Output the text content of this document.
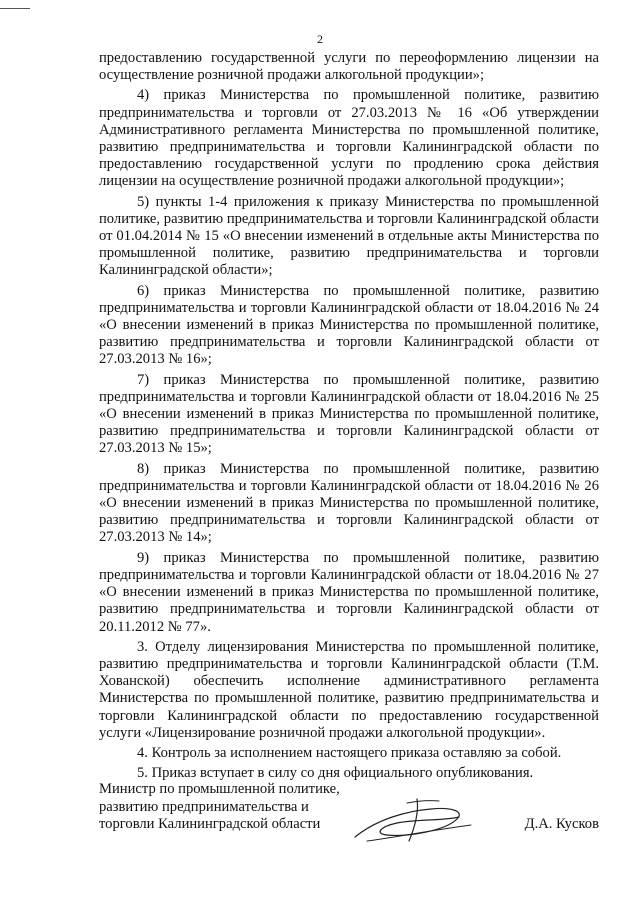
2

предоставлению государственной услуги по переоформлению лицензии на осуществление розничной продажи алкогольной продукции»;

4) приказ Министерства по промышленной политике, развитию предпринимательства и торговли от 27.03.2013 № 16 «Об утверждении Административного регламента Министерства по промышленной политике, развитию предпринимательства и торговли Калининградской области по предоставлению государственной услуги по продлению срока действия лицензии на осуществление розничной продажи алкогольной продукции»;

5) пункты 1-4 приложения к приказу Министерства по промышленной политике, развитию предпринимательства и торговли Калининградской области от 01.04.2014 № 15 «О внесении изменений в отдельные акты Министерства по промышленной политике, развитию предпринимательства и торговли Калининградской области»;

6) приказ Министерства по промышленной политике, развитию предпринимательства и торговли Калининградской области от 18.04.2016 № 24 «О внесении изменений в приказ Министерства по промышленной политике, развитию предпринимательства и торговли Калининградской области от 27.03.2013 № 16»;

7) приказ Министерства по промышленной политике, развитию предпринимательства и торговли Калининградской области от 18.04.2016 № 25 «О внесении изменений в приказ Министерства по промышленной политике, развитию предпринимательства и торговли Калининградской области от 27.03.2013 № 15»;

8) приказ Министерства по промышленной политике, развитию предпринимательства и торговли Калининградской области от 18.04.2016 № 26 «О внесении изменений в приказ Министерства по промышленной политике, развитию предпринимательства и торговли Калининградской области от 27.03.2013 № 14»;

9) приказ Министерства по промышленной политике, развитию предпринимательства и торговли Калининградской области от 18.04.2016 № 27 «О внесении изменений в приказ Министерства по промышленной политике, развитию предпринимательства и торговли Калининградской области от 20.11.2012 № 77».

3. Отделу лицензирования Министерства по промышленной политике, развитию предпринимательства и торговли Калининградской области (Т.М. Хованской) обеспечить исполнение административного регламента Министерства по промышленной политике, развитию предпринимательства и торговли Калининградской области по предоставлению государственной услуги «Лицензирование розничной продажи алкогольной продукции».

4. Контроль за исполнением настоящего приказа оставляю за собой.

5. Приказ вступает в силу со дня официального опубликования.

Министр по промышленной политике,
развитию предпринимательства и
торговли Калининградской области	Д.А. Кусков
